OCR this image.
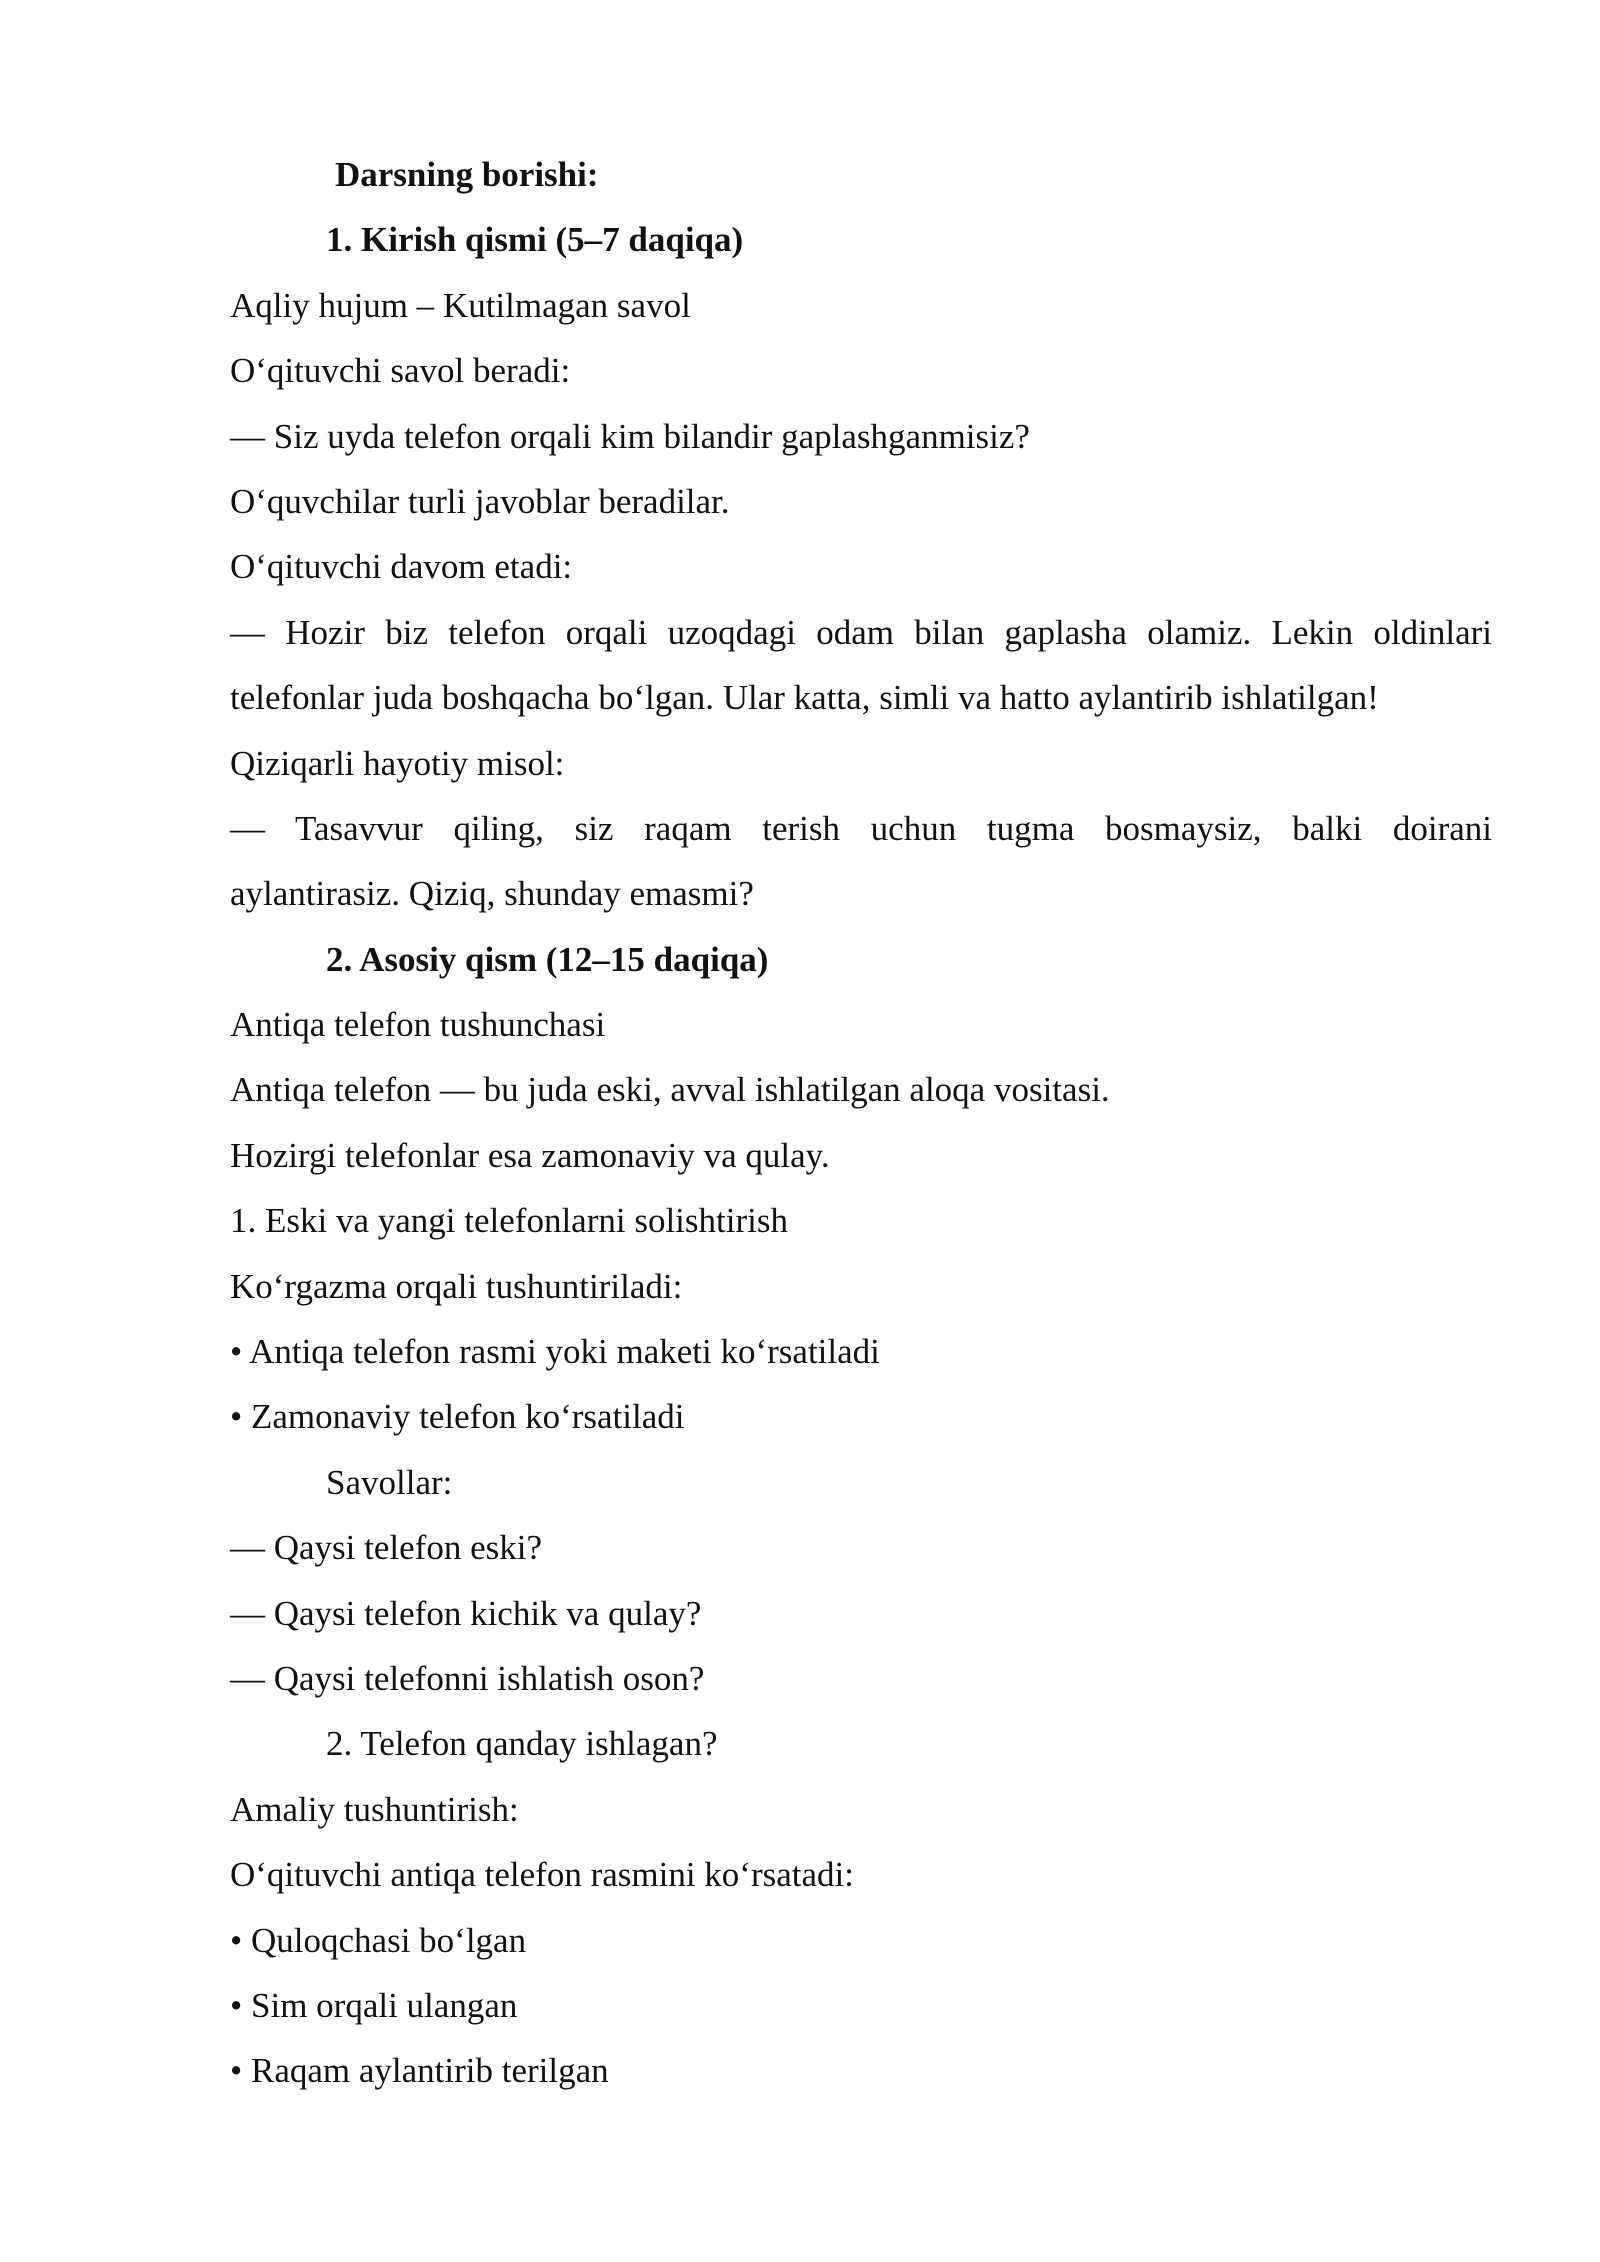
Darsning borishi:

1. Kirish qismi (5–7 daqiqa)

Aqliy hujum – Kutilmagan savol

O‘qituvchi savol beradi:

— Siz uyda telefon orqali kim bilandir gaplashganmisiz?

O‘quvchilar turli javoblar beradilar.

O‘qituvchi davom etadi:

— Hozir biz telefon orqali uzoqdagi odam bilan gaplasha olamiz. Lekin oldinlari

telefonlar juda boshqacha bo‘lgan. Ular katta, simli va hatto aylantirib ishlatilgan!

Qiziqarli hayotiy misol:

— Tasavvur qiling, siz raqam terish uchun tugma bosmaysiz, balki doirani

aylantirasiz. Qiziq, shunday emasmi?

2. Asosiy qism (12–15 daqiqa)

Antiqa telefon tushunchasi

Antiqa telefon — bu juda eski, avval ishlatilgan aloqa vositasi.

Hozirgi telefonlar esa zamonaviy va qulay.

1. Eski va yangi telefonlarni solishtirish

Ko‘rgazma orqali tushuntiriladi:

• Antiqa telefon rasmi yoki maketi ko‘rsatiladi

• Zamonaviy telefon ko‘rsatiladi

Savollar:

— Qaysi telefon eski?

— Qaysi telefon kichik va qulay?

— Qaysi telefonni ishlatish oson?

2. Telefon qanday ishlagan?

Amaliy tushuntirish:

O‘qituvchi antiqa telefon rasmini ko‘rsatadi:

• Quloqchasi bo‘lgan

• Sim orqali ulangan

• Raqam aylantirib terilgan
